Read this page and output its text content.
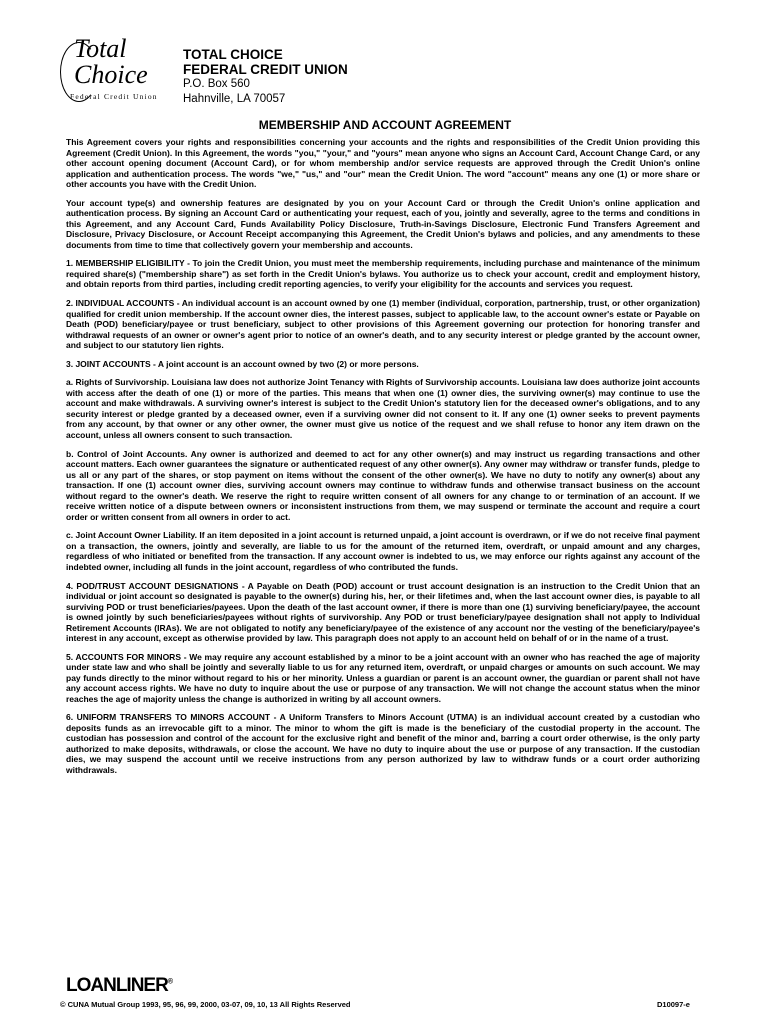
Total
Choice
Federal Credit Union
TOTAL CHOICE
FEDERAL CREDIT UNION
P.O. Box 560
Hahnville, LA 70057
MEMBERSHIP AND ACCOUNT AGREEMENT

This Agreement covers your rights and responsibilities concerning your accounts and the rights and responsibilities of the Credit Union providing this Agreement (Credit Union). In this Agreement, the words "you," "your," and "yours" mean anyone who signs an Account Card, Account Change Card, or any other account opening document (Account Card), or for whom membership and/or service requests are approved through the Credit Union's online application and authentication process. The words "we," "us," and "our" mean the Credit Union. The word "account" means any one (1) or more share or other accounts you have with the Credit Union.

Your account type(s) and ownership features are designated by you on your Account Card or through the Credit Union's online application and authentication process. By signing an Account Card or authenticating your request, each of you, jointly and severally, agree to the terms and conditions in this Agreement, and any Account Card, Funds Availability Policy Disclosure, Truth-in-Savings Disclosure, Electronic Fund Transfers Agreement and Disclosure, Privacy Disclosure, or Account Receipt accompanying this Agreement, the Credit Union's bylaws and policies, and any amendments to these documents from time to time that collectively govern your membership and accounts.

1. MEMBERSHIP ELIGIBILITY - To join the Credit Union, you must meet the membership requirements, including purchase and maintenance of the minimum required share(s) ("membership share") as set forth in the Credit Union's bylaws. You authorize us to check your account, credit and employment history, and obtain reports from third parties, including credit reporting agencies, to verify your eligibility for the accounts and services you request.

2. INDIVIDUAL ACCOUNTS - An individual account is an account owned by one (1) member (individual, corporation, partnership, trust, or other organization) qualified for credit union membership. If the account owner dies, the interest passes, subject to applicable law, to the account owner's estate or Payable on Death (POD) beneficiary/payee or trust beneficiary, subject to other provisions of this Agreement governing our protection for honoring transfer and withdrawal requests of an owner or owner's agent prior to notice of an owner's death, and to any security interest or pledge granted by the account owner, and subject to our statutory lien rights.

3. JOINT ACCOUNTS - A joint account is an account owned by two (2) or more persons.

a. Rights of Survivorship. Louisiana law does not authorize Joint Tenancy with Rights of Survivorship accounts. Louisiana law does authorize joint accounts with access after the death of one (1) or more of the parties. This means that when one (1) owner dies, the surviving owner(s) may continue to use the account and make withdrawals. A surviving owner's interest is subject to the Credit Union's statutory lien for the deceased owner's obligations, and to any security interest or pledge granted by a deceased owner, even if a surviving owner did not consent to it. If any one (1) owner seeks to prevent payments from any account, by that owner or any other owner, the owner must give us notice of the request and we shall refuse to honor any item drawn on the account, unless all owners consent to such transaction.

b. Control of Joint Accounts. Any owner is authorized and deemed to act for any other owner(s) and may instruct us regarding transactions and other account matters. Each owner guarantees the signature or authenticated request of any other owner(s). Any owner may withdraw or transfer funds, pledge to us all or any part of the shares, or stop payment on items without the consent of the other owner(s). We have no duty to notify any owner(s) about any transaction. If one (1) account owner dies, surviving account owners may continue to withdraw funds and otherwise transact business on the account without regard to the owner's death. We reserve the right to require written consent of all owners for any change to or termination of an account. If we receive written notice of a dispute between owners or inconsistent instructions from them, we may suspend or terminate the account and require a court order or written consent from all owners in order to act.

c. Joint Account Owner Liability. If an item deposited in a joint account is returned unpaid, a joint account is overdrawn, or if we do not receive final payment on a transaction, the owners, jointly and severally, are liable to us for the amount of the returned item, overdraft, or unpaid amount and any charges, regardless of who initiated or benefited from the transaction. If any account owner is indebted to us, we may enforce our rights against any account of the indebted owner, including all funds in the joint account, regardless of who contributed the funds.

4. POD/TRUST ACCOUNT DESIGNATIONS - A Payable on Death (POD) account or trust account designation is an instruction to the Credit Union that an individual or joint account so designated is payable to the owner(s) during his, her, or their lifetimes and, when the last account owner dies, is payable to all surviving POD or trust beneficiaries/payees. Upon the death of the last account owner, if there is more than one (1) surviving beneficiary/payee, the account is owned jointly by such beneficiaries/payees without rights of survivorship. Any POD or trust beneficiary/payee designation shall not apply to Individual Retirement Accounts (IRAs). We are not obligated to notify any beneficiary/payee of the existence of any account nor the vesting of the beneficiary/payee's interest in any account, except as otherwise provided by law. This paragraph does not apply to an account held on behalf of or in the name of a trust.

5. ACCOUNTS FOR MINORS - We may require any account established by a minor to be a joint account with an owner who has reached the age of majority under state law and who shall be jointly and severally liable to us for any returned item, overdraft, or unpaid charges or amounts on such account. We may pay funds directly to the minor without regard to his or her minority. Unless a guardian or parent is an account owner, the guardian or parent shall not have any account access rights. We have no duty to inquire about the use or purpose of any transaction. We will not change the account status when the minor reaches the age of majority unless the change is authorized in writing by all account owners.

6. UNIFORM TRANSFERS TO MINORS ACCOUNT - A Uniform Transfers to Minors Account (UTMA) is an individual account created by a custodian who deposits funds as an irrevocable gift to a minor. The minor to whom the gift is made is the beneficiary of the custodial property in the account. The custodian has possession and control of the account for the exclusive right and benefit of the minor and, barring a court order otherwise, is the only party authorized to make deposits, withdrawals, or close the account. We have no duty to inquire about the use or purpose of any transaction. If the custodian dies, we may suspend the account until we receive instructions from any person authorized by law to withdraw funds or a court order authorizing withdrawals.

LOANLINER®
© CUNA Mutual Group 1993, 95, 96, 99, 2000, 03-07, 09, 10, 13 All Rights Reserved	D10097-e
